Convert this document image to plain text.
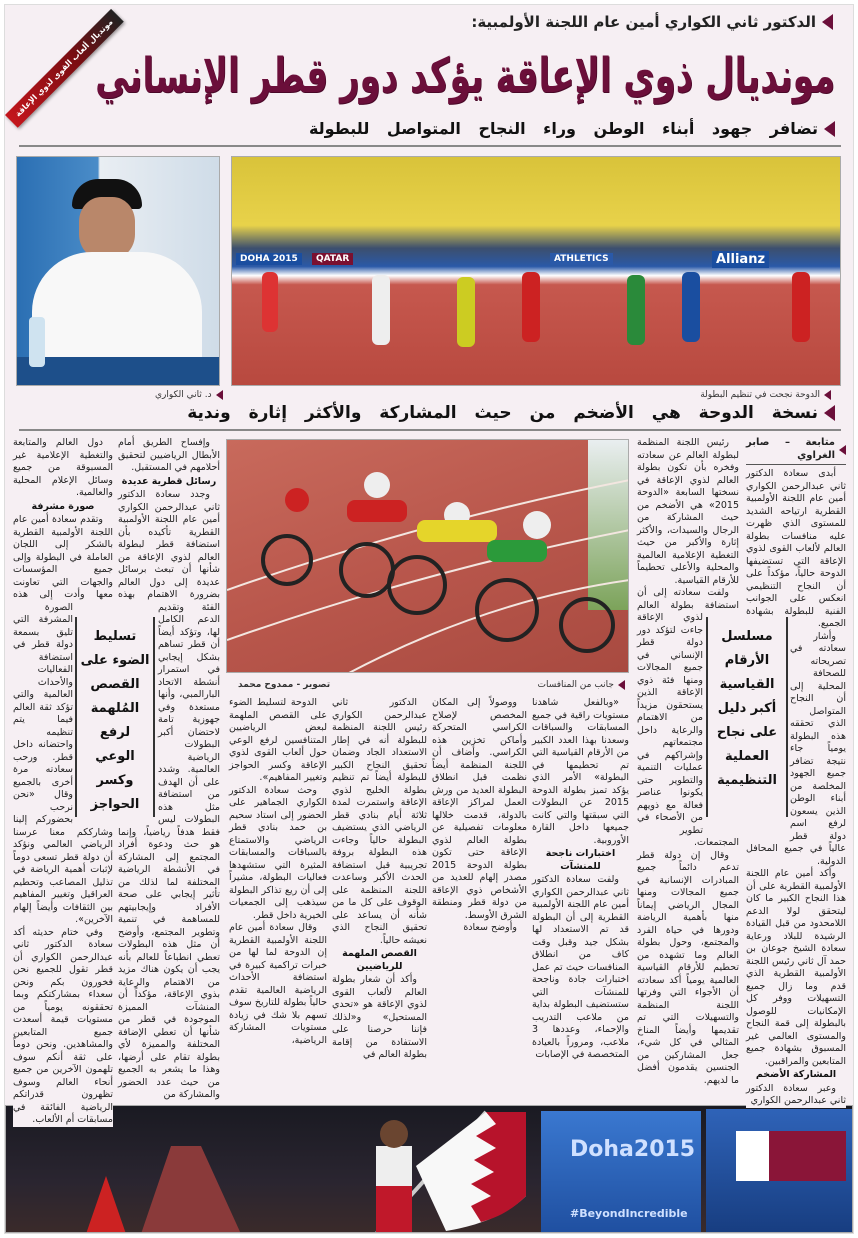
الدكتور ثاني الكواري أمين عام اللجنة الأولمبية:
مونديال ذوي الإعاقة يؤكد دور قطر الإنساني
تضافر جهود أبناء الوطن وراء النجاح المتواصل للبطولة
DOHA 2015	QATAR	Allianz
ATHLETICS
الدوحة نجحت في تنظيم البطولة
د. ثاني الكواري
نسخة الدوحة هي الأضخم من حيث المشاركة والأكثر إثارة وندية
جانب من المنافسات
تصوير - ممدوح محمد
Doha2015
#BeyondIncredible
متابعة – صابر الغراوي

أبدى سعادة الدكتور ثاني عبدالرحمن الكواري أمين عام اللجنة الأولمبية القطرية ارتياحه الشديد للمستوى الذي ظهرت عليه منافسات بطولة العالم لألعاب القوى لذوي الإعاقة التي تستضيفها الدوحة حالياً، مؤكداً على أن النجاح التنظيمي انعكس على الجوانب الفنية للبطولة بشهادة الجميع.

وأشار سعادته في تصريحاته للصحافة المحلية إلى أن النجاح المتواصل الذي تحققه هذه البطولة يومياً جاء نتيجة تضافر جميع الجهود المخلصة من أبناء الوطن الذين يسعون لرفع اسم دولة قطر عالياً في جميع المحافل الدولية.

وأكد أمين عام اللجنة الأولمبية القطرية على أن هذا النجاح الكبير ما كان ليتحقق لولا الدعم اللامحدود من قبل القيادة الرشيدة للبلاد ورعاية سعادة الشيخ جوعان بن حمد آل ثاني رئيس اللجنة الأولمبية القطرية الذي قدم وما زال جميع التسهيلات ووفر كل الإمكانيات للوصول بالبطولة إلى قمة النجاح والمستوى العالمي غير المسبوق بشهادة جميع المتابعين والمراقبين.

المشاركة الأضخم

وعبر سعادة الدكتور ثاني عبدالرحمن الكواري

رئيس اللجنة المنظمة لبطولة العالم عن سعادته وفخره بأن تكون بطولة العالم لذوي الإعاقة في نسختها السابعة «الدوحة 2015» هي الأضخم من حيث المشاركة من الرجال والسيدات، والأكثر إثارة والأكبر من حيث التغطية الإعلامية العالمية والمحلية والأعلى تحطيماً للأرقام القياسية.

ولفت سعادته إلى أن استضافة بطولة العالم لذوي الإعاقة جاءت لتؤكد دور دولة قطر الإنساني في جميع المجالات ومنها فئة ذوي الإعاقة الذين يستحقون مزيداً من الاهتمام والرعاية داخل مجتمعاتهم وإشراكهم في عمليات التنمية والتطوير حتى يكونوا عناصر فعالة مع ذويهم من الأصحاء في تطوير المجتمعات.

وقال إن دولة قطر تدعم دائماً جميع المبادرات الإنسانية في جميع المجالات ومنها المجال الرياضي إيماناً منها بأهمية الرياضة ودورها في حياة الفرد والمجتمع، وحول بطولة العالم وما تشهده من تحطيم للأرقام القياسية العالمية يومياً أكد سعادته أن الأجواء التي وفرتها اللجنة المنظمة والتسهيلات التي تم تقديمها وأيضاً المناخ المثالي في كل شيء، جعل المشاركين من الجنسين يقدمون أفضل ما لديهم.

مسلسل الأرقام القياسية أكبر دليل على نجاح العملية التنظيمية

«وبالفعل شاهدنا مستويات راقية في جميع المسابقات والسباقات وسعدنا بهذا العدد الكبير من الأرقام القياسية التي تم تحطيمها في البطولة» الأمر الذي يؤكد تميز بطولة الدوحة 2015 عن البطولات التي سبقتها والتي كانت جميعها داخل القارة الأوروبية.

اختبارات ناجحة للمنشآت

ولفت سعادة الدكتور ثاني عبدالرحمن الكواري أمين عام اللجنة الأولمبية القطرية إلى أن البطولة قد تم الاستعداد لها بشكل جيد وقبل وقت كاف من انطلاق المنافسات حيث تم عمل اختبارات جادة وناجحة للمنشآت التي ستستضيف البطولة بداية من ملاعب التدريب والإحماء، وعددها 3 ملاعب، ومروراً بالعيادة المتخصصة في الإصابات

ووصولاً إلى المكان المخصص لإصلاح الكراسي المتحركة وأماكن تخزين هذه الكراسي. وأضاف أن اللجنة المنظمة أيضاً نظمت قبل انطلاق البطولة العديد من ورش العمل لمراكز الإعاقة بالدولة، قدمت خلالها معلومات تفصيلية عن بطولة العالم لذوي الإعاقة حتى تكون بطولة الدوحة 2015 مصدر إلهام للعديد من الأشخاص ذوي الإعاقة من دولة قطر ومنطقة الشرق الأوسط.

وأوضح سعادة

الدكتور ثاني عبدالرحمن الكواري رئيس اللجنة المنظمة للبطولة أنه في إطار الاستعداد الجاد وضمان تحقيق النجاح الكبير للبطولة أيضاً تم تنظيم بطولة الخليج لذوي الإعاقة واستمرت لمدة ثلاثة أيام بنادي قطر الرياضي الذي يستضيف البطولة حالياً وجاءت هذه البطولة بروفة تجريبية قبل استضافة الحدث الأكبر وساعدت اللجنة المنظمة على الوقوف على كل ما من شأنه أن يساعد على تحقيق النجاح الذي نعيشه حالياً.

القصص الملهمة للرياضيين

وأكد أن شعار بطولة العالم لألعاب القوى لذوي الإعاقة هو «تحدي المستحيل» و«لذلك فإننا حرصنا على الاستفادة من إقامة بطولة العالم في

الدوحة لتسليط الضوء على القصص الملهمة لبعض الرياضيين المتنافسين لرفع الوعي حول ألعاب القوى لذوي الإعاقة وكسر الحواجز وتغيير المفاهيم».

وحث سعادة الدكتور الكواري الجماهير على الحضور إلى استاد سحيم بن حمد بنادي قطر الرياضي والاستمتاع بالسباقات والمسابقات المثيرة التي ستشهدها فعاليات البطولة، مشيراً إلى أن ريع تذاكر البطولة سيذهب إلى الجمعيات الخيرية داخل قطر.

وقال سعادة أمين عام اللجنة الأولمبية القطرية إن الدوحة لما لها من خبرات تراكمية كبيرة في استضافة الأحداث الرياضية العالمية تقدم حالياً بطولة للتاريخ سوف تسهم بلا شك في زيادة مستويات المشاركة الرياضية،

وإفساح الطريق أمام الأبطال الرياضيين لتحقيق أحلامهم في المستقبل.

رسائل قطرية عديدة

وجدد سعادة الدكتور ثاني عبدالرحمن الكواري أمين عام اللجنة الأولمبية القطرية تأكيده بأن استضافة قطر لبطولة العالم لذوي الإعاقة من شأنها أن تبعث برسائل عديدة إلى دول العالم بضرورة الاهتمام بهذه الفئة وتقديم الدعم الكامل لها، وتؤكد أيضاً أن قطر تساهم بشكل إيجابي في استمرار أنشطة الاتحاد البارالمبي، وأنها مستعدة وفي جهوزية تامة لاحتضان أكبر البطولات الرياضية العالمية. وشدد على أن الهدف من استضافة مثل هذه البطولات ليس فقط هدفاً رياضياً، وإنما هو حث ودعوة أفراد المجتمع إلى المشاركة في الأنشطة الرياضية المختلفة لما لذلك من تأثير إيجابي على صحة الأفراد وإيجابيتهم للمساهمة في تنمية وتطوير المجتمع، وأوضح أن مثل هذه البطولات تعطي انطباعاً للعالم بأنه يجب أن يكون هناك مزيد من الاهتمام والرعاية بذوي الإعاقة، مؤكداً أن المنشآت المميزة الموجودة في قطر من شأنها أن تعطي الإضافة المختلفة والمميزة لأي بطولة تقام على أرضها، وهذا ما يشعر به الجميع من حيث عدد الحضور والمشاركة من

دول العالم والمتابعة والتغطية الإعلامية غير المسبوقة من جميع وسائل الإعلام المحلية والعالمية.

صورة مشرفة

وتقدم سعادة أمين عام اللجنة الأولمبية القطرية بالشكر إلى اللجان العاملة في البطولة وإلى جميع المؤسسات والجهات التي تعاونت معها وأدت إلى هذه الصورة المشرفة التي تليق بسمعة دولة قطر في استضافة الفعاليات والأحداث العالمية والتي تؤكد ثقة العالم فيما يتم تنظيمه واحتضانه داخل قطر. ورحب سعادته مرة أخرى بالجميع وقال «نحن نرحب بحضوركم إلينا وشارككم معنا عرسنا الرياضي العالمي ونؤكد أن دولة قطر تسعى دوماً لإثبات أهمية الرياضة في تذليل المصاعب وتحطيم العراقيل وتغيير المفاهيم بين الثقافات وأيضاً إلهام الآخرين».

وفي ختام حديثه أكد سعادة الدكتور ثاني عبدالرحمن الكواري أن قطر تقول للجميع نحن فخورون بكم ونحن سعداء بمشاركتكم وبما تحققونه يومياً من مستويات قيمة أسعدت جميع المتابعين والمشاهدين. ونحن دوماً على ثقة أنكم سوف تلهمون الآخرين من جميع أنحاء العالم وسوف تظهرون قدراتكم الرياضية الفائقة في مسابقات أم الألعاب.

تسليط الضوء على القصص المُلهمة لرفع الوعي وكسر الحواجز
مونديال ألعاب القوى لذوي الإعاقة
